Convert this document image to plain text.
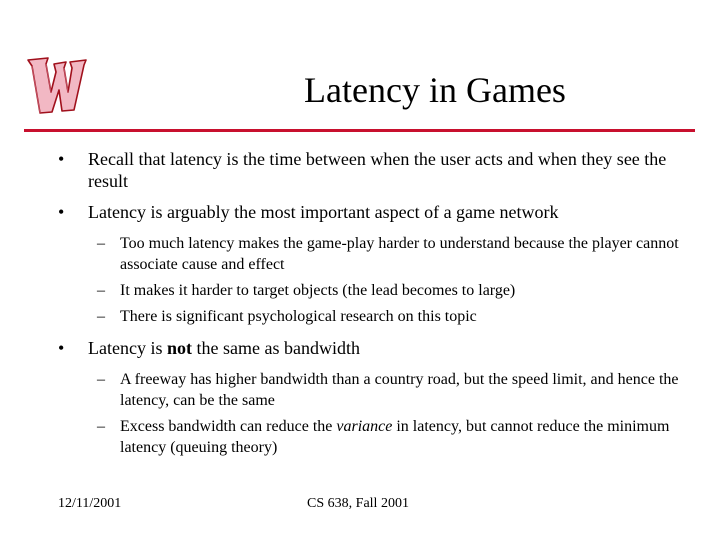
Latency in Games
• Recall that latency is the time between when the user acts and when they see the result
• Latency is arguably the most important aspect of a game network
– Too much latency makes the game-play harder to understand because the player cannot associate cause and effect
– It makes it harder to target objects (the lead becomes to large)
– There is significant psychological research on this topic
• Latency is not the same as bandwidth
– A freeway has higher bandwidth than a country road, but the speed limit, and hence the latency, can be the same
– Excess bandwidth can reduce the variance in latency, but cannot reduce the minimum latency (queuing theory)
12/11/2001	CS 638, Fall 2001
